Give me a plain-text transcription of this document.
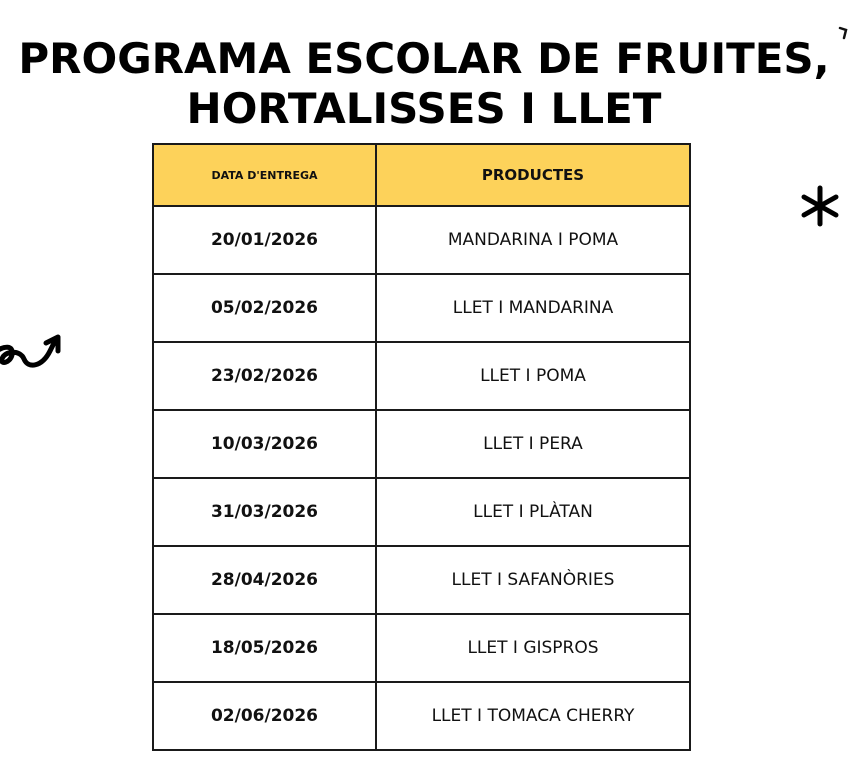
PROGRAMA ESCOLAR DE FRUITES,
HORTALISSES I LLET
DATA D'ENTREGA	PRODUCTES
20/01/2026	MANDARINA I POMA
05/02/2026	LLET I MANDARINA
23/02/2026	LLET I POMA
10/03/2026	LLET I PERA
31/03/2026	LLET I PLÀTAN
28/04/2026	LLET I SAFANÒRIES
18/05/2026	LLET I GISPROS
02/06/2026	LLET I TOMACA CHERRY
